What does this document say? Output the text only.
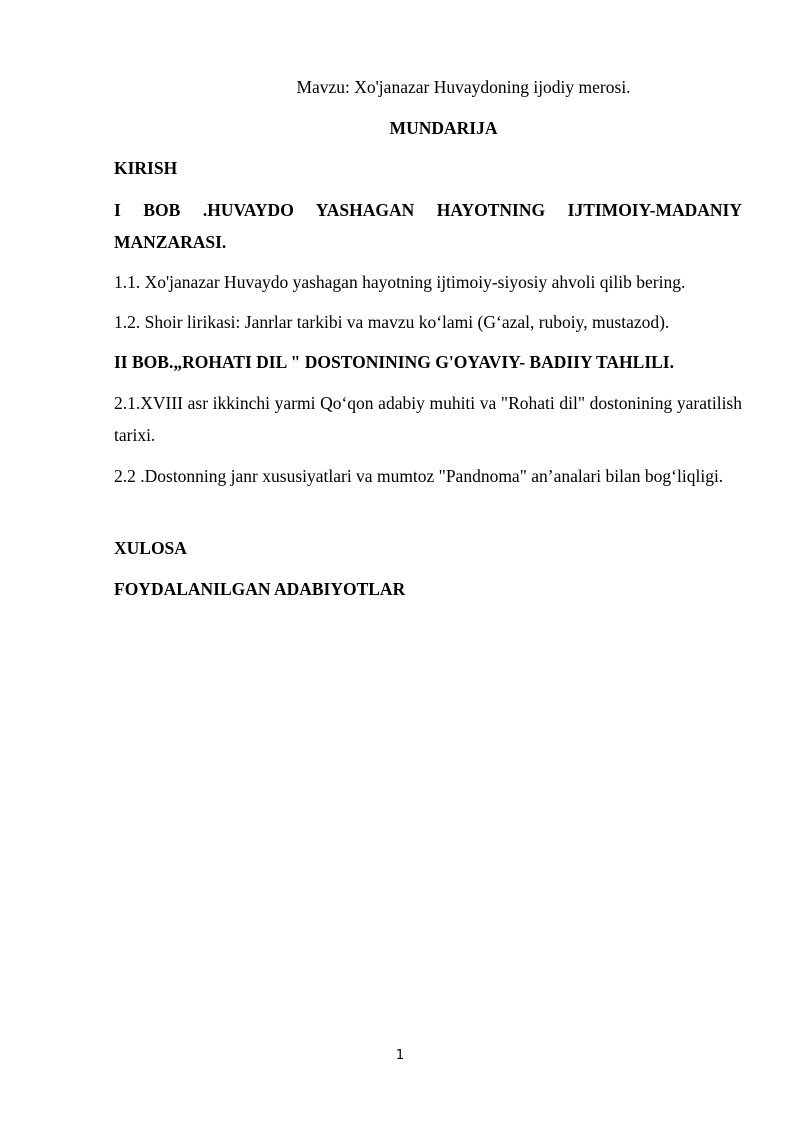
Mavzu: Xo'janazar Huvaydoning ijodiy merosi.
MUNDARIJA

KIRISH

I BOB .HUVAYDO YASHAGAN HAYOTNING IJTIMOIY-MADANIY MANZARASI.

1.1. Xo'janazar Huvaydo yashagan hayotning ijtimoiy-siyosiy ahvoli qilib bering.

1.2. Shoir lirikasi: Janrlar tarkibi va mavzu ko‘lami (G‘azal, ruboiy, mustazod).

II BOB.„ROHATI DIL " DOSTONINING G'OYAVIY- BADIIY TAHLILI.

2.1.XVIII asr ikkinchi yarmi Qo‘qon adabiy muhiti va "Rohati dil" dostonining yaratilish tarixi.

2.2 .Dostonning janr xususiyatlari va mumtoz "Pandnoma" an’analari bilan bog‘liqligi.

XULOSA

FOYDALANILGAN ADABIYOTLAR

1
